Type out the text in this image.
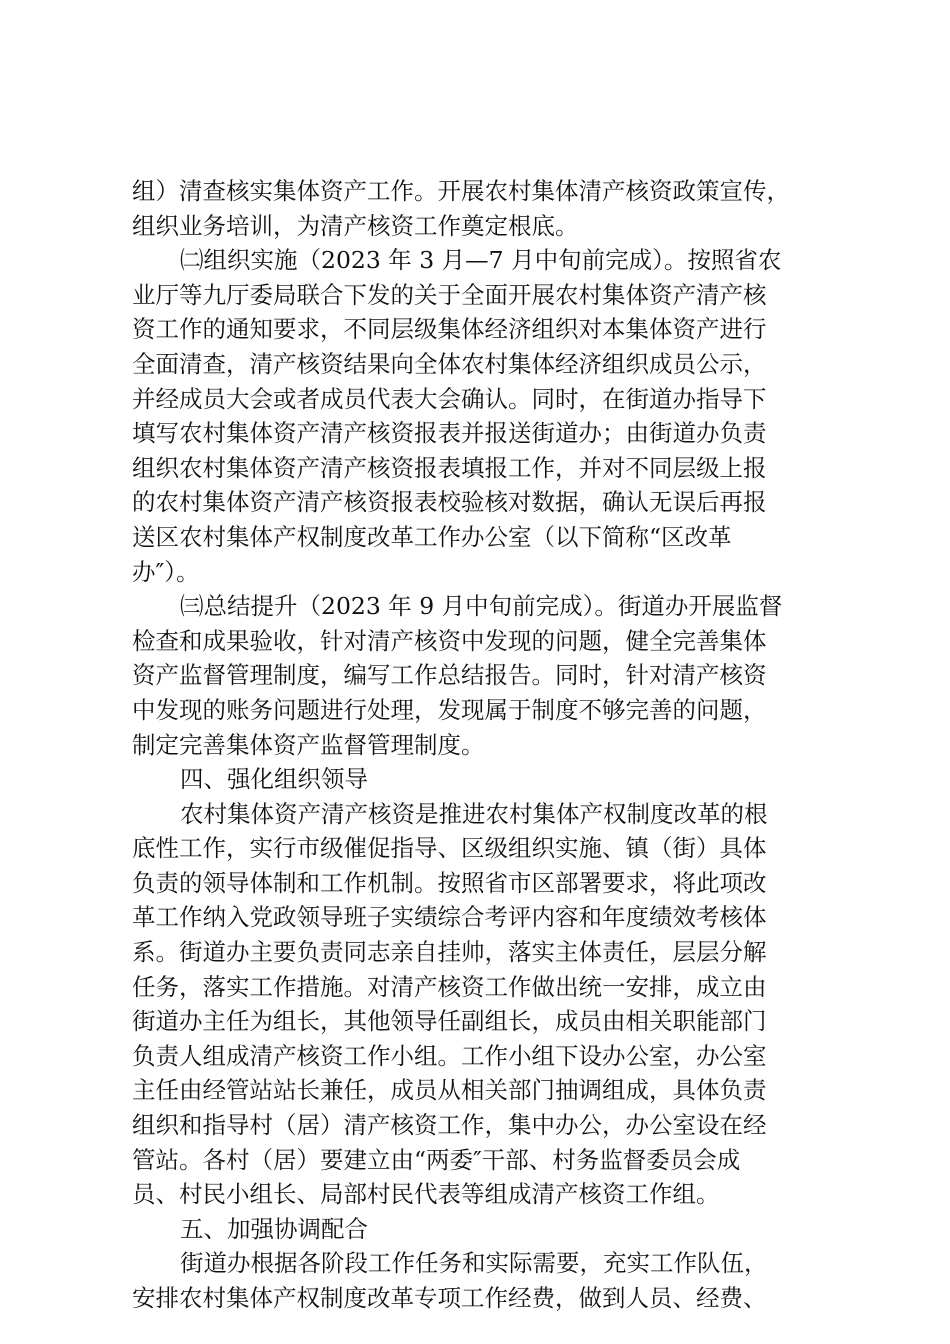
组）清查核实集体资产工作。开展农村集体清产核资政策宣传，
组织业务培训，为清产核资工作奠定根底。
㈡组织实施（2023 年 3 月—7 月中旬前完成）。按照省农
业厅等九厅委局联合下发的关于全面开展农村集体资产清产核
资工作的通知要求，不同层级集体经济组织对本集体资产进行
全面清查，清产核资结果向全体农村集体经济组织成员公示，
并经成员大会或者成员代表大会确认。同时，在街道办指导下
填写农村集体资产清产核资报表并报送街道办；由街道办负责
组织农村集体资产清产核资报表填报工作，并对不同层级上报
的农村集体资产清产核资报表校验核对数据，确认无误后再报
送区农村集体产权制度改革工作办公室（以下简称“区改革
办″）。
㈢总结提升（2023 年 9 月中旬前完成）。街道办开展监督
检查和成果验收，针对清产核资中发现的问题，健全完善集体
资产监督管理制度，编写工作总结报告。同时，针对清产核资
中发现的账务问题进行处理，发现属于制度不够完善的问题，
制定完善集体资产监督管理制度。
四、强化组织领导
农村集体资产清产核资是推进农村集体产权制度改革的根
底性工作，实行市级催促指导、区级组织实施、镇（街）具体
负责的领导体制和工作机制。按照省市区部署要求，将此项改
革工作纳入党政领导班子实绩综合考评内容和年度绩效考核体
系。街道办主要负责同志亲自挂帅，落实主体责任，层层分解
任务，落实工作措施。对清产核资工作做出统一安排，成立由
街道办主任为组长，其他领导任副组长，成员由相关职能部门
负责人组成清产核资工作小组。工作小组下设办公室，办公室
主任由经管站站长兼任，成员从相关部门抽调组成，具体负责
组织和指导村（居）清产核资工作，集中办公，办公室设在经
管站。各村（居）要建立由“两委″干部、村务监督委员会成
员、村民小组长、局部村民代表等组成清产核资工作组。
五、加强协调配合
街道办根据各阶段工作任务和实际需要，充实工作队伍，
安排农村集体产权制度改革专项工作经费，做到人员、经费、
